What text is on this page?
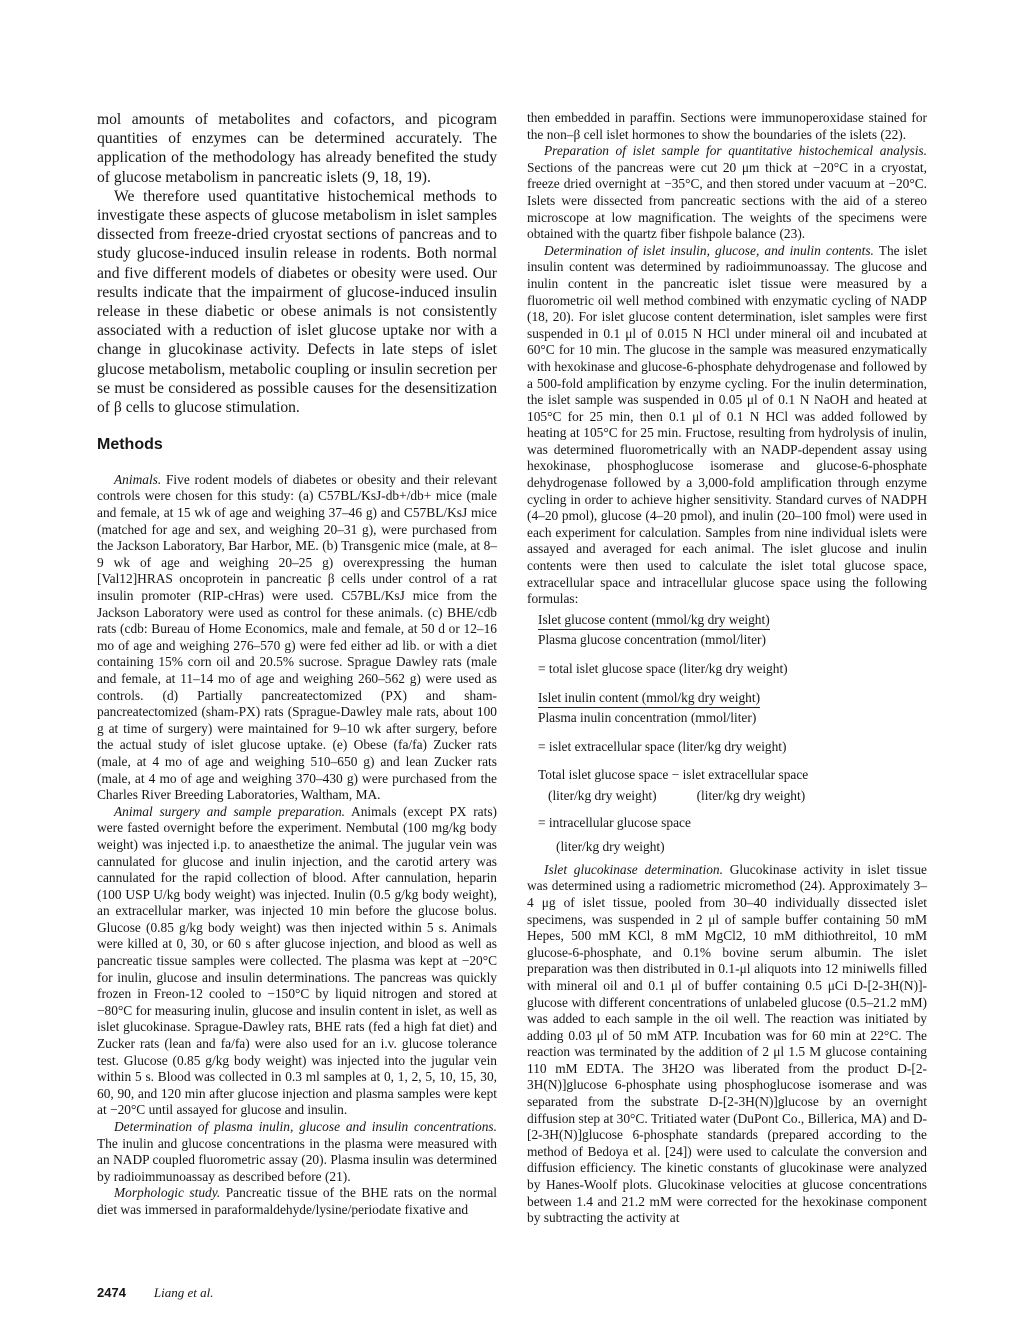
mol amounts of metabolites and cofactors, and picogram quantities of enzymes can be determined accurately. The application of the methodology has already benefited the study of glucose metabolism in pancreatic islets (9, 18, 19).

We therefore used quantitative histochemical methods to investigate these aspects of glucose metabolism in islet samples dissected from freeze-dried cryostat sections of pancreas and to study glucose-induced insulin release in rodents. Both normal and five different models of diabetes or obesity were used. Our results indicate that the impairment of glucose-induced insulin release in these diabetic or obese animals is not consistently associated with a reduction of islet glucose uptake nor with a change in glucokinase activity. Defects in late steps of islet glucose metabolism, metabolic coupling or insulin secretion per se must be considered as possible causes for the desensitization of β cells to glucose stimulation.

Methods

Animals. Five rodent models of diabetes or obesity and their relevant controls were chosen for this study: (a) C57BL/KsJ-db+/db+ mice (male and female, at 15 wk of age and weighing 37–46 g) and C57BL/KsJ mice (matched for age and sex, and weighing 20–31 g), were purchased from the Jackson Laboratory, Bar Harbor, ME. (b) Transgenic mice (male, at 8–9 wk of age and weighing 20–25 g) overexpressing the human [Val12]HRAS oncoprotein in pancreatic β cells under control of a rat insulin promoter (RIP-cHras) were used. C57BL/KsJ mice from the Jackson Laboratory were used as control for these animals. (c) BHE/cdb rats (cdb: Bureau of Home Economics, male and female, at 50 d or 12–16 mo of age and weighing 276–570 g) were fed either ad lib. or with a diet containing 15% corn oil and 20.5% sucrose. Sprague Dawley rats (male and female, at 11–14 mo of age and weighing 260–562 g) were used as controls. (d) Partially pancreatectomized (PX) and sham-pancreatectomized (sham-PX) rats (Sprague-Dawley male rats, about 100 g at time of surgery) were maintained for 9–10 wk after surgery, before the actual study of islet glucose uptake. (e) Obese (fa/fa) Zucker rats (male, at 4 mo of age and weighing 510–650 g) and lean Zucker rats (male, at 4 mo of age and weighing 370–430 g) were purchased from the Charles River Breeding Laboratories, Waltham, MA.

Animal surgery and sample preparation. Animals (except PX rats) were fasted overnight before the experiment. Nembutal (100 mg/kg body weight) was injected i.p. to anaesthetize the animal. The jugular vein was cannulated for glucose and inulin injection, and the carotid artery was cannulated for the rapid collection of blood. After cannulation, heparin (100 USP U/kg body weight) was injected. Inulin (0.5 g/kg body weight), an extracellular marker, was injected 10 min before the glucose bolus. Glucose (0.85 g/kg body weight) was then injected within 5 s. Animals were killed at 0, 30, or 60 s after glucose injection, and blood as well as pancreatic tissue samples were collected. The plasma was kept at −20°C for inulin, glucose and insulin determinations. The pancreas was quickly frozen in Freon-12 cooled to −150°C by liquid nitrogen and stored at −80°C for measuring inulin, glucose and insulin content in islet, as well as islet glucokinase. Sprague-Dawley rats, BHE rats (fed a high fat diet) and Zucker rats (lean and fa/fa) were also used for an i.v. glucose tolerance test. Glucose (0.85 g/kg body weight) was injected into the jugular vein within 5 s. Blood was collected in 0.3 ml samples at 0, 1, 2, 5, 10, 15, 30, 60, 90, and 120 min after glucose injection and plasma samples were kept at −20°C until assayed for glucose and insulin.

Determination of plasma inulin, glucose and insulin concentrations. The inulin and glucose concentrations in the plasma were measured with an NADP coupled fluorometric assay (20). Plasma insulin was determined by radioimmunoassay as described before (21).

Morphologic study. Pancreatic tissue of the BHE rats on the normal diet was immersed in paraformaldehyde/lysine/periodate fixative and

then embedded in paraffin. Sections were immunoperoxidase stained for the non–β cell islet hormones to show the boundaries of the islets (22).

Preparation of islet sample for quantitative histochemical analysis. Sections of the pancreas were cut 20 μm thick at −20°C in a cryostat, freeze dried overnight at −35°C, and then stored under vacuum at −20°C. Islets were dissected from pancreatic sections with the aid of a stereo microscope at low magnification. The weights of the specimens were obtained with the quartz fiber fishpole balance (23).

Determination of islet insulin, glucose, and inulin contents. The islet insulin content was determined by radioimmunoassay. The glucose and inulin content in the pancreatic islet tissue were measured by a fluorometric oil well method combined with enzymatic cycling of NADP (18, 20). For islet glucose content determination, islet samples were first suspended in 0.1 μl of 0.015 N HCl under mineral oil and incubated at 60°C for 10 min. The glucose in the sample was measured enzymatically with hexokinase and glucose-6-phosphate dehydrogenase and followed by a 500-fold amplification by enzyme cycling. For the inulin determination, the islet sample was suspended in 0.05 μl of 0.1 N NaOH and heated at 105°C for 25 min, then 0.1 μl of 0.1 N HCl was added followed by heating at 105°C for 25 min. Fructose, resulting from hydrolysis of inulin, was determined fluorometrically with an NADP-dependent assay using hexokinase, phosphoglucose isomerase and glucose-6-phosphate dehydrogenase followed by a 3,000-fold amplification through enzyme cycling in order to achieve higher sensitivity. Standard curves of NADPH (4–20 pmol), glucose (4–20 pmol), and inulin (20–100 fmol) were used in each experiment for calculation. Samples from nine individual islets were assayed and averaged for each animal. The islet glucose and inulin contents were then used to calculate the islet total glucose space, extracellular space and intracellular glucose space using the following formulas:

$\frac{\text{Islet glucose content (mmol/kg dry weight)}}{\text{Plasma glucose concentration (mmol/liter)}}$
= total islet glucose space (liter/kg dry weight)
$\frac{\text{Islet inulin content (mmol/kg dry weight)}}{\text{Plasma inulin concentration (mmol/liter)}}$
= islet extracellular space (liter/kg dry weight)
Total islet glucose space − islet extracellular space
(liter/kg dry weight)	(liter/kg dry weight)
= intracellular glucose space
(liter/kg dry weight)

Islet glucokinase determination. Glucokinase activity in islet tissue was determined using a radiometric micromethod (24). Approximately 3–4 μg of islet tissue, pooled from 30–40 individually dissected islet specimens, was suspended in 2 μl of sample buffer containing 50 mM Hepes, 500 mM KCl, 8 mM MgCl2, 10 mM dithiothreitol, 10 mM glucose-6-phosphate, and 0.1% bovine serum albumin. The islet preparation was then distributed in 0.1-μl aliquots into 12 miniwells filled with mineral oil and 0.1 μl of buffer containing 0.5 μCi D-[2-3H(N)]-glucose with different concentrations of unlabeled glucose (0.5–21.2 mM) was added to each sample in the oil well. The reaction was initiated by adding 0.03 μl of 50 mM ATP. Incubation was for 60 min at 22°C. The reaction was terminated by the addition of 2 μl 1.5 M glucose containing 110 mM EDTA. The 3H2O was liberated from the product D-[2-3H(N)]glucose 6-phosphate using phosphoglucose isomerase and was separated from the substrate D-[2-3H(N)]glucose by an overnight diffusion step at 30°C. Tritiated water (DuPont Co., Billerica, MA) and D-[2-3H(N)]glucose 6-phosphate standards (prepared according to the method of Bedoya et al. [24]) were used to calculate the conversion and diffusion efficiency. The kinetic constants of glucokinase were analyzed by Hanes-Woolf plots. Glucokinase velocities at glucose concentrations between 1.4 and 21.2 mM were corrected for the hexokinase component by subtracting the activity at

2474 Liang et al.
